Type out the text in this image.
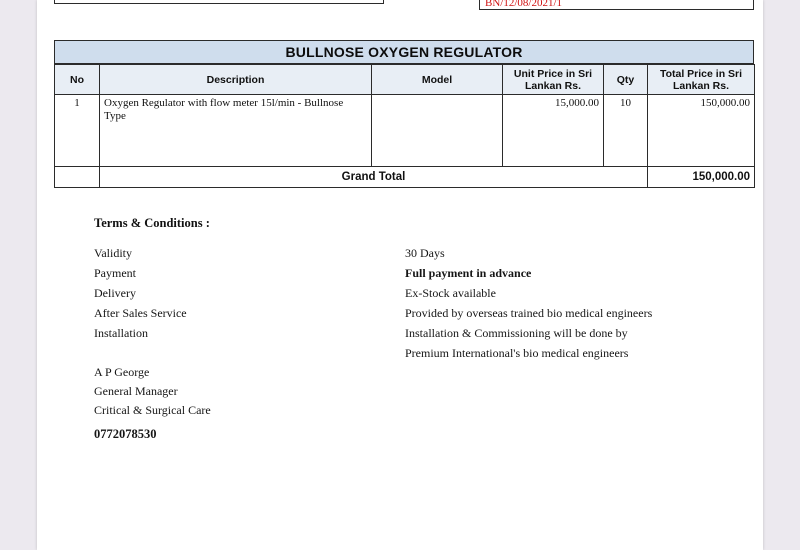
BN/12/08/2021/1
BULLNOSE OXYGEN REGULATOR
No	Description	Model	Unit Price in Sri Lankan Rs.	Qty	Total Price in Sri Lankan Rs.
1	Oxygen Regulator with flow meter 15l/min - Bullnose Type		15,000.00	10	150,000.00
	Grand Total				150,000.00
Terms & Conditions :
Validity	30 Days
Payment	Full payment in advance
Delivery	Ex-Stock available
After Sales Service	Provided by overseas trained bio medical engineers
Installation	Installation & Commissioning will be done by
Premium International's bio medical engineers
A P George
General Manager
Critical & Surgical Care
0772078530
